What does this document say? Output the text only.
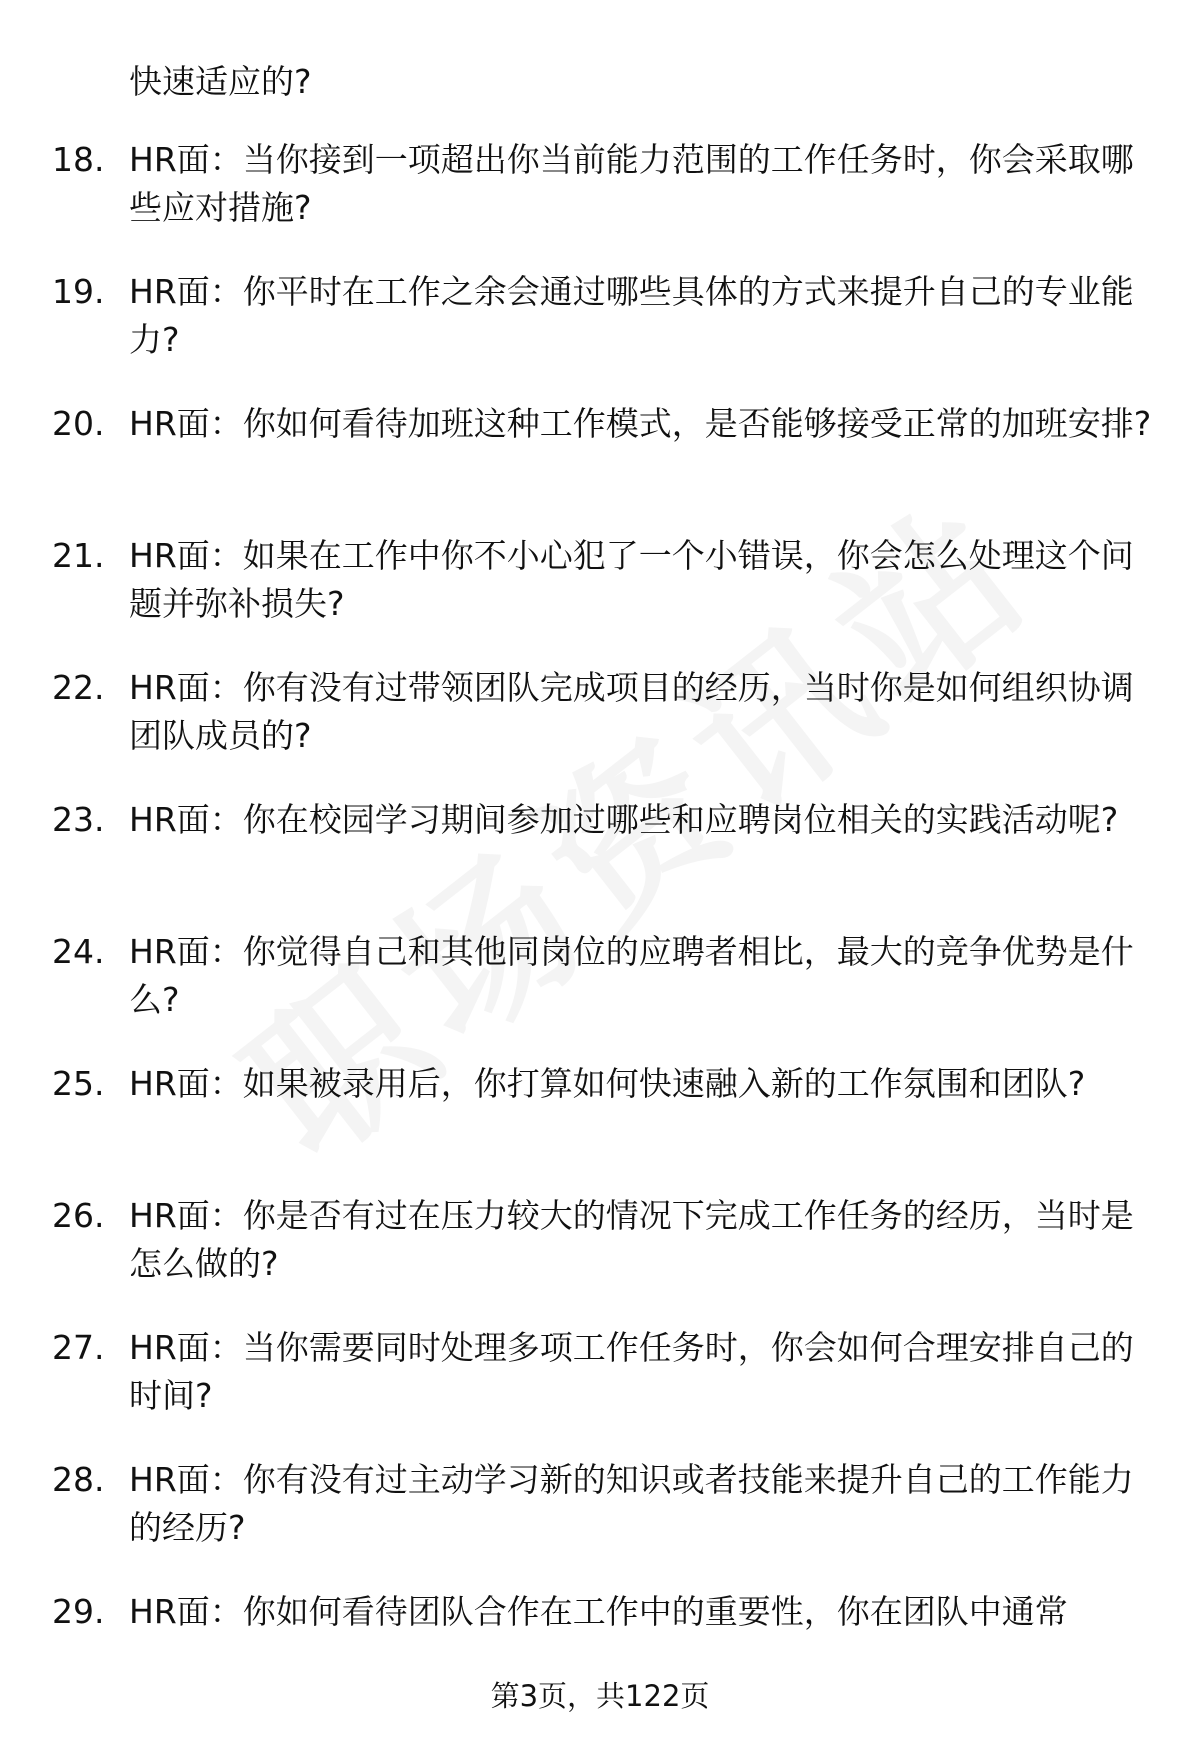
快速适应的?

18. HR面：当你接到一项超出你当前能力范围的工作任务时，你会采取哪些应对措施?

19. HR面：你平时在工作之余会通过哪些具体的方式来提升自己的专业能力?

20. HR面：你如何看待加班这种工作模式，是否能够接受正常的加班安排?

21. HR面：如果在工作中你不小心犯了一个小错误，你会怎么处理这个问题并弥补损失?

22. HR面：你有没有过带领团队完成项目的经历，当时你是如何组织协调团队成员的?

23. HR面：你在校园学习期间参加过哪些和应聘岗位相关的实践活动呢?

24. HR面：你觉得自己和其他同岗位的应聘者相比，最大的竞争优势是什么?

25. HR面：如果被录用后，你打算如何快速融入新的工作氛围和团队?

26. HR面：你是否有过在压力较大的情况下完成工作任务的经历，当时是怎么做的?

27. HR面：当你需要同时处理多项工作任务时，你会如何合理安排自己的时间?

28. HR面：你有没有过主动学习新的知识或者技能来提升自己的工作能力的经历?

29. HR面：你如何看待团队合作在工作中的重要性，你在团队中通常

第3页，共122页
